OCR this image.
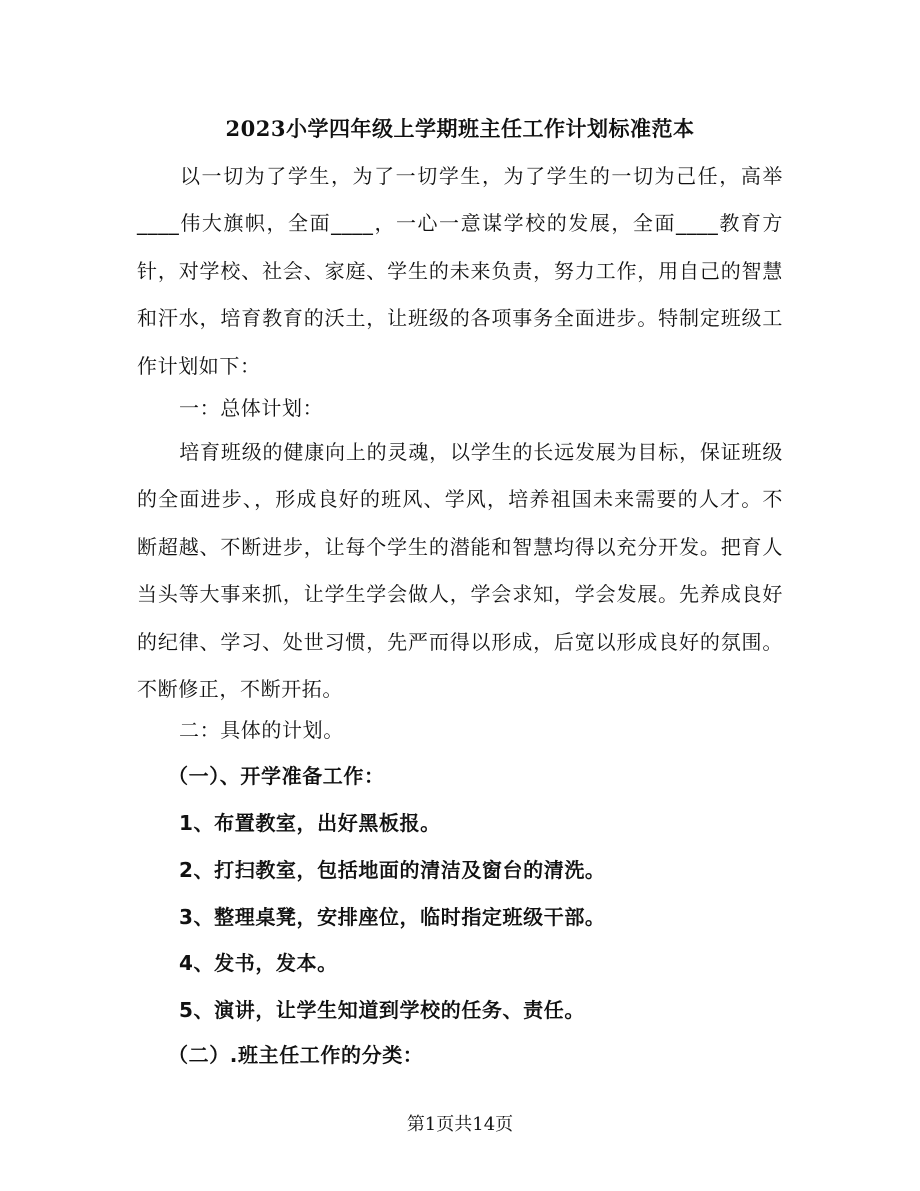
2023小学四年级上学期班主任工作计划标准范本

以一切为了学生，为了一切学生，为了学生的一切为己任，高举____伟大旗帜，全面____，一心一意谋学校的发展，全面____教育方针，对学校、社会、家庭、学生的未来负责，努力工作，用自己的智慧和汗水，培育教育的沃土，让班级的各项事务全面进步。特制定班级工作计划如下：

一：总体计划：

培育班级的健康向上的灵魂，以学生的长远发展为目标，保证班级的全面进步、，形成良好的班风、学风，培养祖国未来需要的人才。不断超越、不断进步，让每个学生的潜能和智慧均得以充分开发。把育人当头等大事来抓，让学生学会做人，学会求知，学会发展。先养成良好的纪律、学习、处世习惯，先严而得以形成，后宽以形成良好的氛围。不断修正，不断开拓。

二：具体的计划。
（一）、开学准备工作：
1、布置教室，出好黑板报。
2、打扫教室，包括地面的清洁及窗台的清洗。
3、整理桌凳，安排座位，临时指定班级干部。
4、发书，发本。
5、演讲，让学生知道到学校的任务、责任。
（二）.班主任工作的分类：
第1页共14页
